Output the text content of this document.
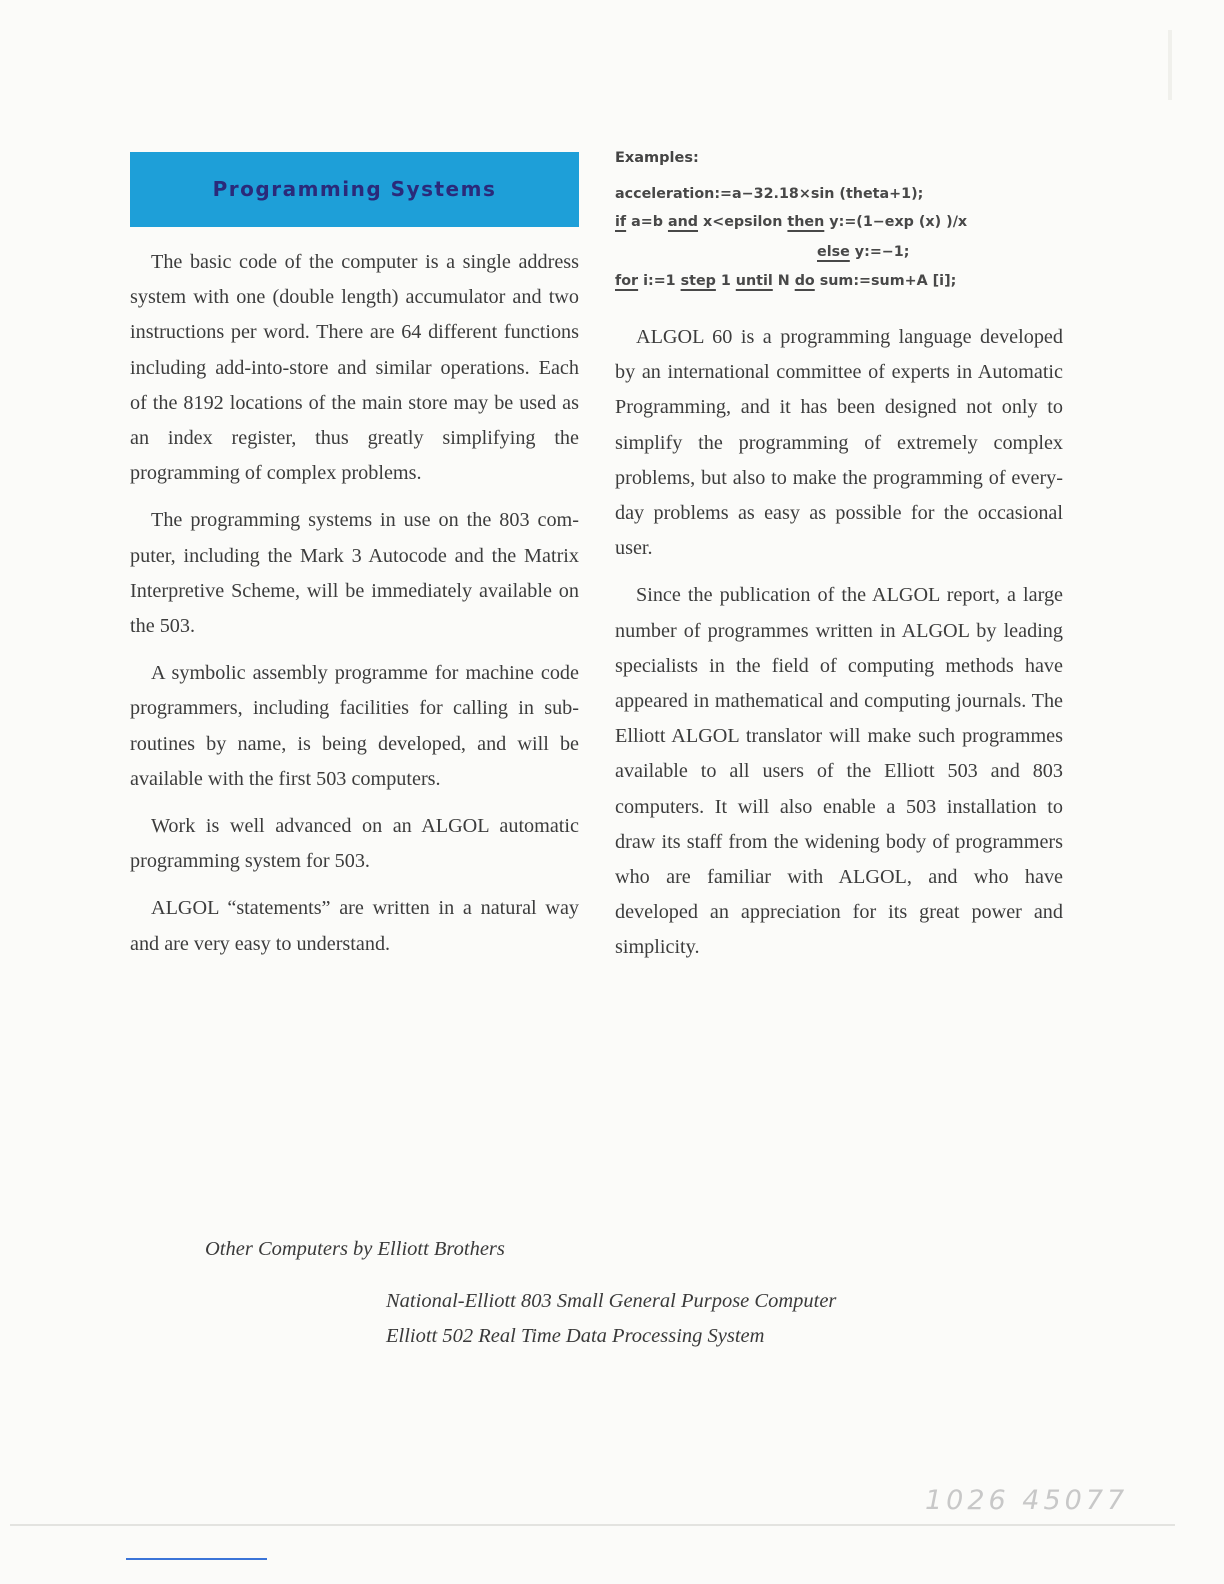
Programming Systems

The basic code of the computer is a single address system with one (double length) accumulator and two instructions per word. There are 64 different functions including add-into-store and similar operations. Each of the 8192 locations of the main store may be used as an index register, thus greatly simplifying the programming of complex problems.

The programming systems in use on the 803 computer, including the Mark 3 Autocode and the Matrix Interpretive Scheme, will be immediately available on the 503.

A symbolic assembly programme for machine code programmers, including facilities for calling in subroutines by name, is being developed, and will be available with the first 503 computers.

Work is well advanced on an ALGOL automatic programming system for 503.

ALGOL “statements” are written in a natural way and are very easy to understand.

Examples:
acceleration:=a−32.18×sin (theta+1);
if a=b and x<epsilon then y:=(1−exp (x) )/x
else y:=−1;
for i:=1 step 1 until N do sum:=sum+A [i];

ALGOL 60 is a programming language developed by an international committee of experts in Automatic Programming, and it has been designed not only to simplify the programming of extremely complex problems, but also to make the programming of every-day problems as easy as possible for the occasional user.

Since the publication of the ALGOL report, a large number of programmes written in ALGOL by leading specialists in the field of computing methods have appeared in mathematical and computing journals. The Elliott ALGOL translator will make such programmes available to all users of the Elliott 503 and 803 computers. It will also enable a 503 installation to draw its staff from the widening body of programmers who are familiar with ALGOL, and who have developed an appreciation for its great power and simplicity.

Other Computers by Elliott Brothers
National-Elliott 803 Small General Purpose Computer
Elliott 502 Real Time Data Processing System
1026 45077
